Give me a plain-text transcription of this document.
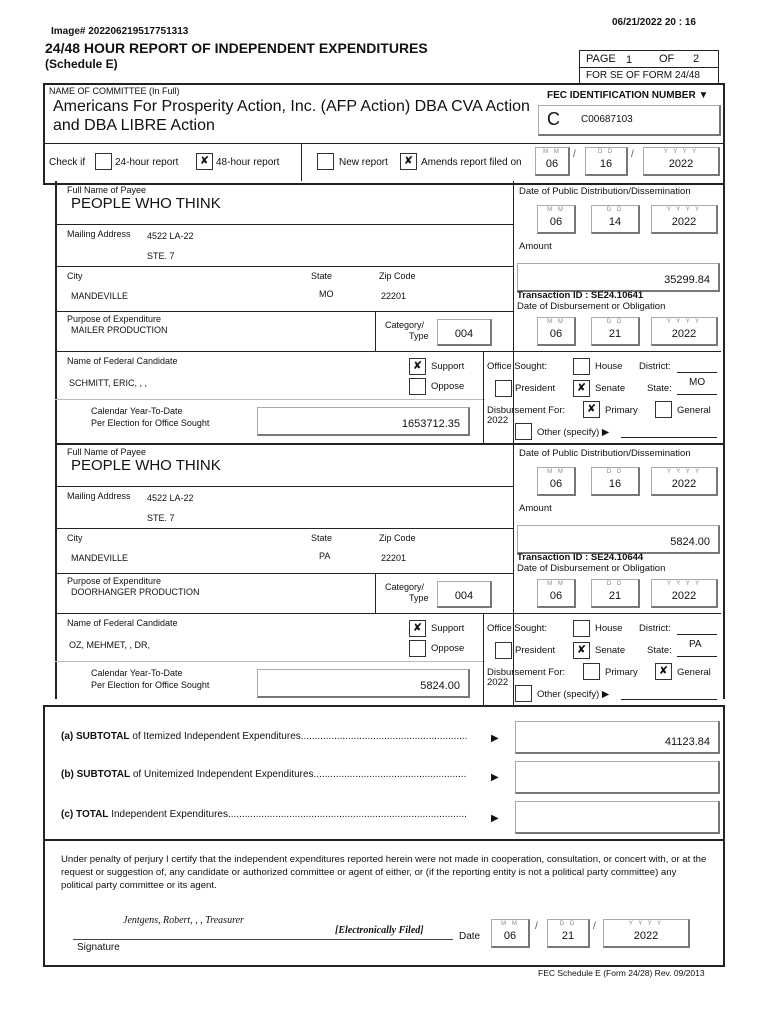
Image# 202206219517751313
06/21/2022 20 : 16
24/48 HOUR REPORT OF INDEPENDENT EXPENDITURES
(Schedule E)	PAGE 1 OF 2
FOR SE OF FORM 24/48
NAME OF COMMITTEE (In Full)
Americans For Prosperity Action, Inc. (AFP Action) DBA CVA Action
and DBA LIBRE Action
FEC IDENTIFICATION NUMBER ▼
C C00687103
Check if	24-hour report	✘ 48-hour report	New report	✘ Amends report filed on
M M
06
/	D D
16
/	Y Y Y Y
2022
Full Name of Payee
PEOPLE WHO THINK
Mailing Address 4522 LA-22
STE. 7
City	State	Zip Code
MANDEVILLE	MO	22201
Purpose of Expenditure
MAILER PRODUCTION	Category/
Type	004
Name of Federal Candidate
SCHMITT, ERIC, , ,
✘ Support
Oppose
Calendar Year-To-Date
Per Election for Office Sought	1653712.35
Date of Public Distribution/Dissemination
M M
06
D D
14
Y Y Y Y
2022
Amount
35299.84
Transaction ID : SE24.10641
Date of Disbursement or Obligation
M M
06
D D
21
Y Y Y Y
2022
Office Sought:	House District:
President	✘ Senate State:
MO
Disbursement For:
2022
✘ Primary	General
Other (specify) ▶
Full Name of Payee
PEOPLE WHO THINK
Mailing Address 4522 LA-22
STE. 7
City	State	Zip Code
MANDEVILLE	PA	22201
Purpose of Expenditure
DOORHANGER PRODUCTION	Category/
Type	004
Name of Federal Candidate
OZ, MEHMET, , DR,
✘ Support
Oppose
Calendar Year-To-Date
Per Election for Office Sought	5824.00
Date of Public Distribution/Dissemination
M M
06
D D
16
Y Y Y Y
2022
Amount
5824.00
Transaction ID : SE24.10644
Date of Disbursement or Obligation
M M
06
D D
21
Y Y Y Y
2022
Office Sought:	House District:
President	✘ Senate State:
PA
Disbursement For:
2022
Primary	✘ General
Other (specify) ▶
(a) SUBTOTAL of Itemized Independent Expenditures............................................................ ▶	41123.84
(b) SUBTOTAL of Unitemized Independent Expenditures....................................................... ▶
(c) TOTAL Independent Expenditures...................................................................................... ▶
Under penalty of perjury I certify that the independent expenditures reported herein were not made in cooperation, consultation, or concert with, or at the request or suggestion of, any candidate or authorized committee or agent of either, or (if the reporting entity is not a political party committee) any political party committee or its agent.
Jentgens, Robert, , , Treasurer
[Electronically Filed]
Signature
Date
M M
06
/	D D
21
/	Y Y Y Y
2022
FEC Schedule E (Form 24/28) Rev. 09/2013
